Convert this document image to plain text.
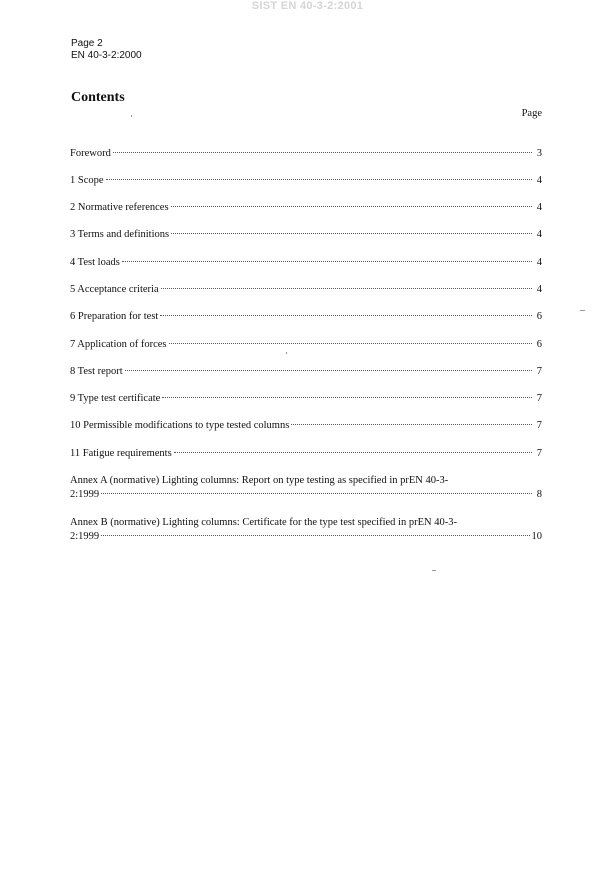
SIST EN 40-3-2:2001
Page 2
EN 40-3-2:2000
Contents
Page
Foreword	3
1 Scope	4
2 Normative references	4
3 Terms and definitions	4
4 Test loads	4
5 Acceptance criteria	4
6 Preparation for test	6
7 Application of forces	6
8 Test report	7
9 Type test certificate	7
10 Permissible modifications to type tested columns	7
11 Fatigue requirements	7
Annex A (normative) Lighting columns: Report on type testing as specified in prEN 40-3-
2:1999	8
Annex B (normative) Lighting columns: Certificate for the type test specified in prEN 40-3-
2:1999	10
